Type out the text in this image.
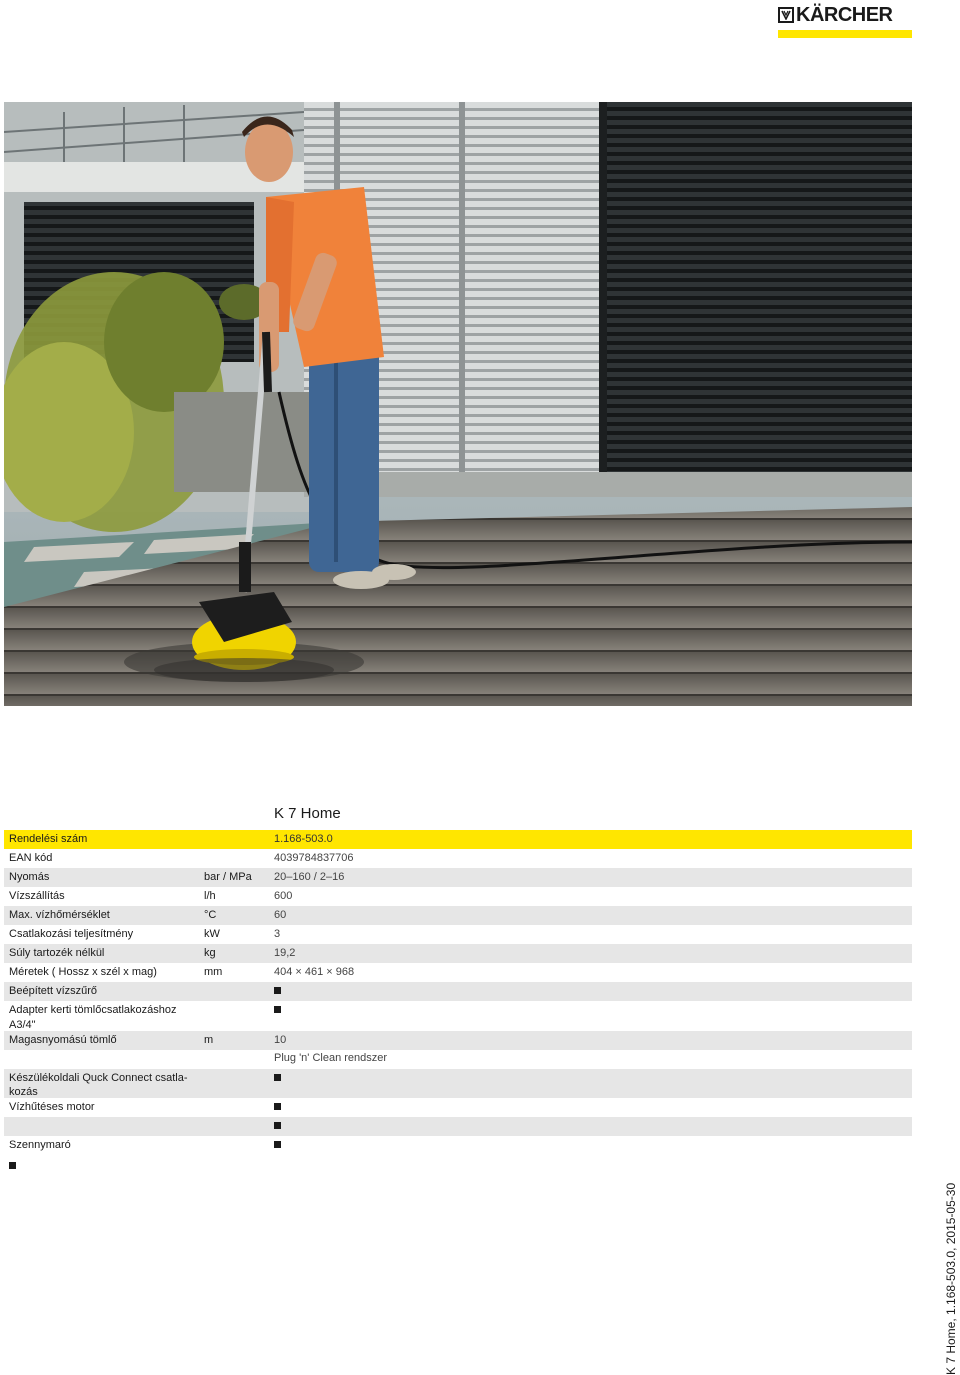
KÄRCHER
K 7 Home
Rendelési szám	1.168-503.0
EAN kód	4039784837706
Nyomás	bar / MPa 20–160 / 2–16
Vízszállítás	l/h	600
Max. vízhőmérséklet	°C	60
Csatlakozási teljesítmény	kW	3
Súly tartozék nélkül	kg	19,2
Méretek ( Hossz x szél x mag)	mm	404 × 461 × 968
Beépített vízszűrő
Adapter kerti tömlőcsatlakozáshoz
A3/4"
Magasnyomású tömlő	m	10
Plug 'n' Clean rendszer
Készülékoldali Quck Connect csatla-
kozás
Vízhűtéses motor
Szennymaró
K 7 Home, 1.168-503.0, 2015-05-30
